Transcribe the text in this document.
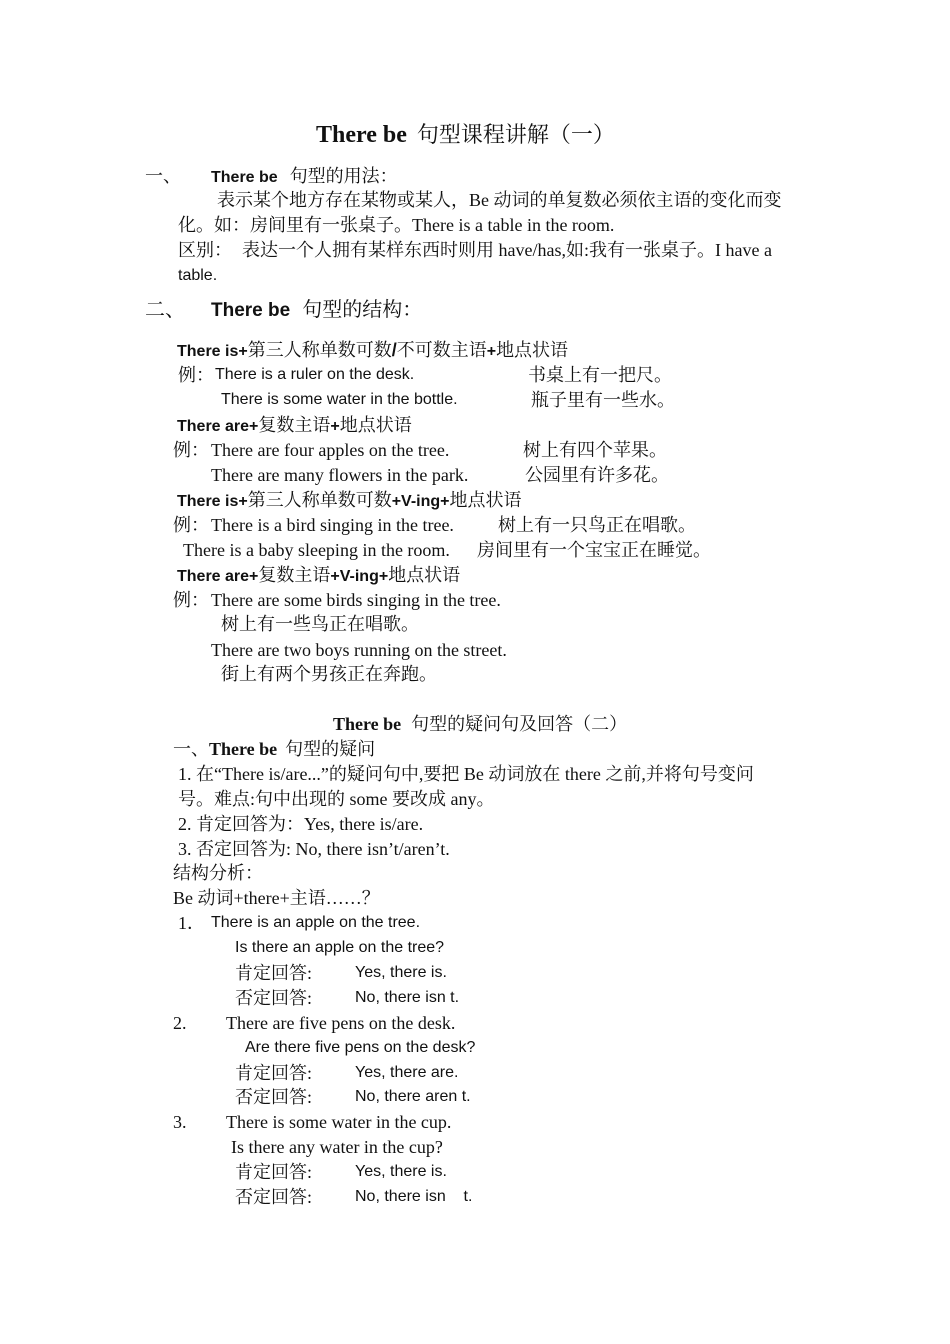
There be 句型课程讲解（一）
一、 There be 句型的用法：
表示某个地方存在某物或某人，Be 动词的单复数必须依主语的变化而变
化。如：房间里有一张桌子。There is a table in the room.
区别： 表达一个人拥有某样东西时则用 have/has,如:我有一张桌子。I have a
table.
二、 There be 句型的结构：
There is+第三人称单数可数/不可数主语+地点状语
例： There is a ruler on the desk.	书桌上有一把尺。
There is some water in the bottle.	瓶子里有一些水。
There are+复数主语+地点状语
例： There are four apples on the tree.	树上有四个苹果。
There are many flowers in the park.	公园里有许多花。
There is+第三人称单数可数+V-ing+地点状语
例： There is a bird singing in the tree. 树上有一只鸟正在唱歌。
There is a baby sleeping in the room. 房间里有一个宝宝正在睡觉。
There are+复数主语+V-ing+地点状语
例： There are some birds singing in the tree.
树上有一些鸟正在唱歌。
There are two boys running on the street.
街上有两个男孩正在奔跑。
There be 句型的疑问句及回答（二）
一、There be 句型的疑问
1. 在“There is/are...”的疑问句中,要把 Be 动词放在 there 之前,并将句号变问
号。难点:句中出现的 some 要改成 any。
2. 肯定回答为：Yes, there is/are.
3. 否定回答为: No, there isn’t/aren’t.
结构分析：
Be 动词+there+主语……？
1． There is an apple on the tree.
Is there an apple on the tree?
肯定回答:	Yes, there is.
否定回答:	No, there isn t.
2. There are five pens on the desk.
Are there five pens on the desk?
肯定回答:	Yes, there are.
否定回答:	No, there aren t.
3. There is some water in the cup.
Is there any water in the cup?
肯定回答:	Yes, there is.
否定回答:	No, there isn    t.
